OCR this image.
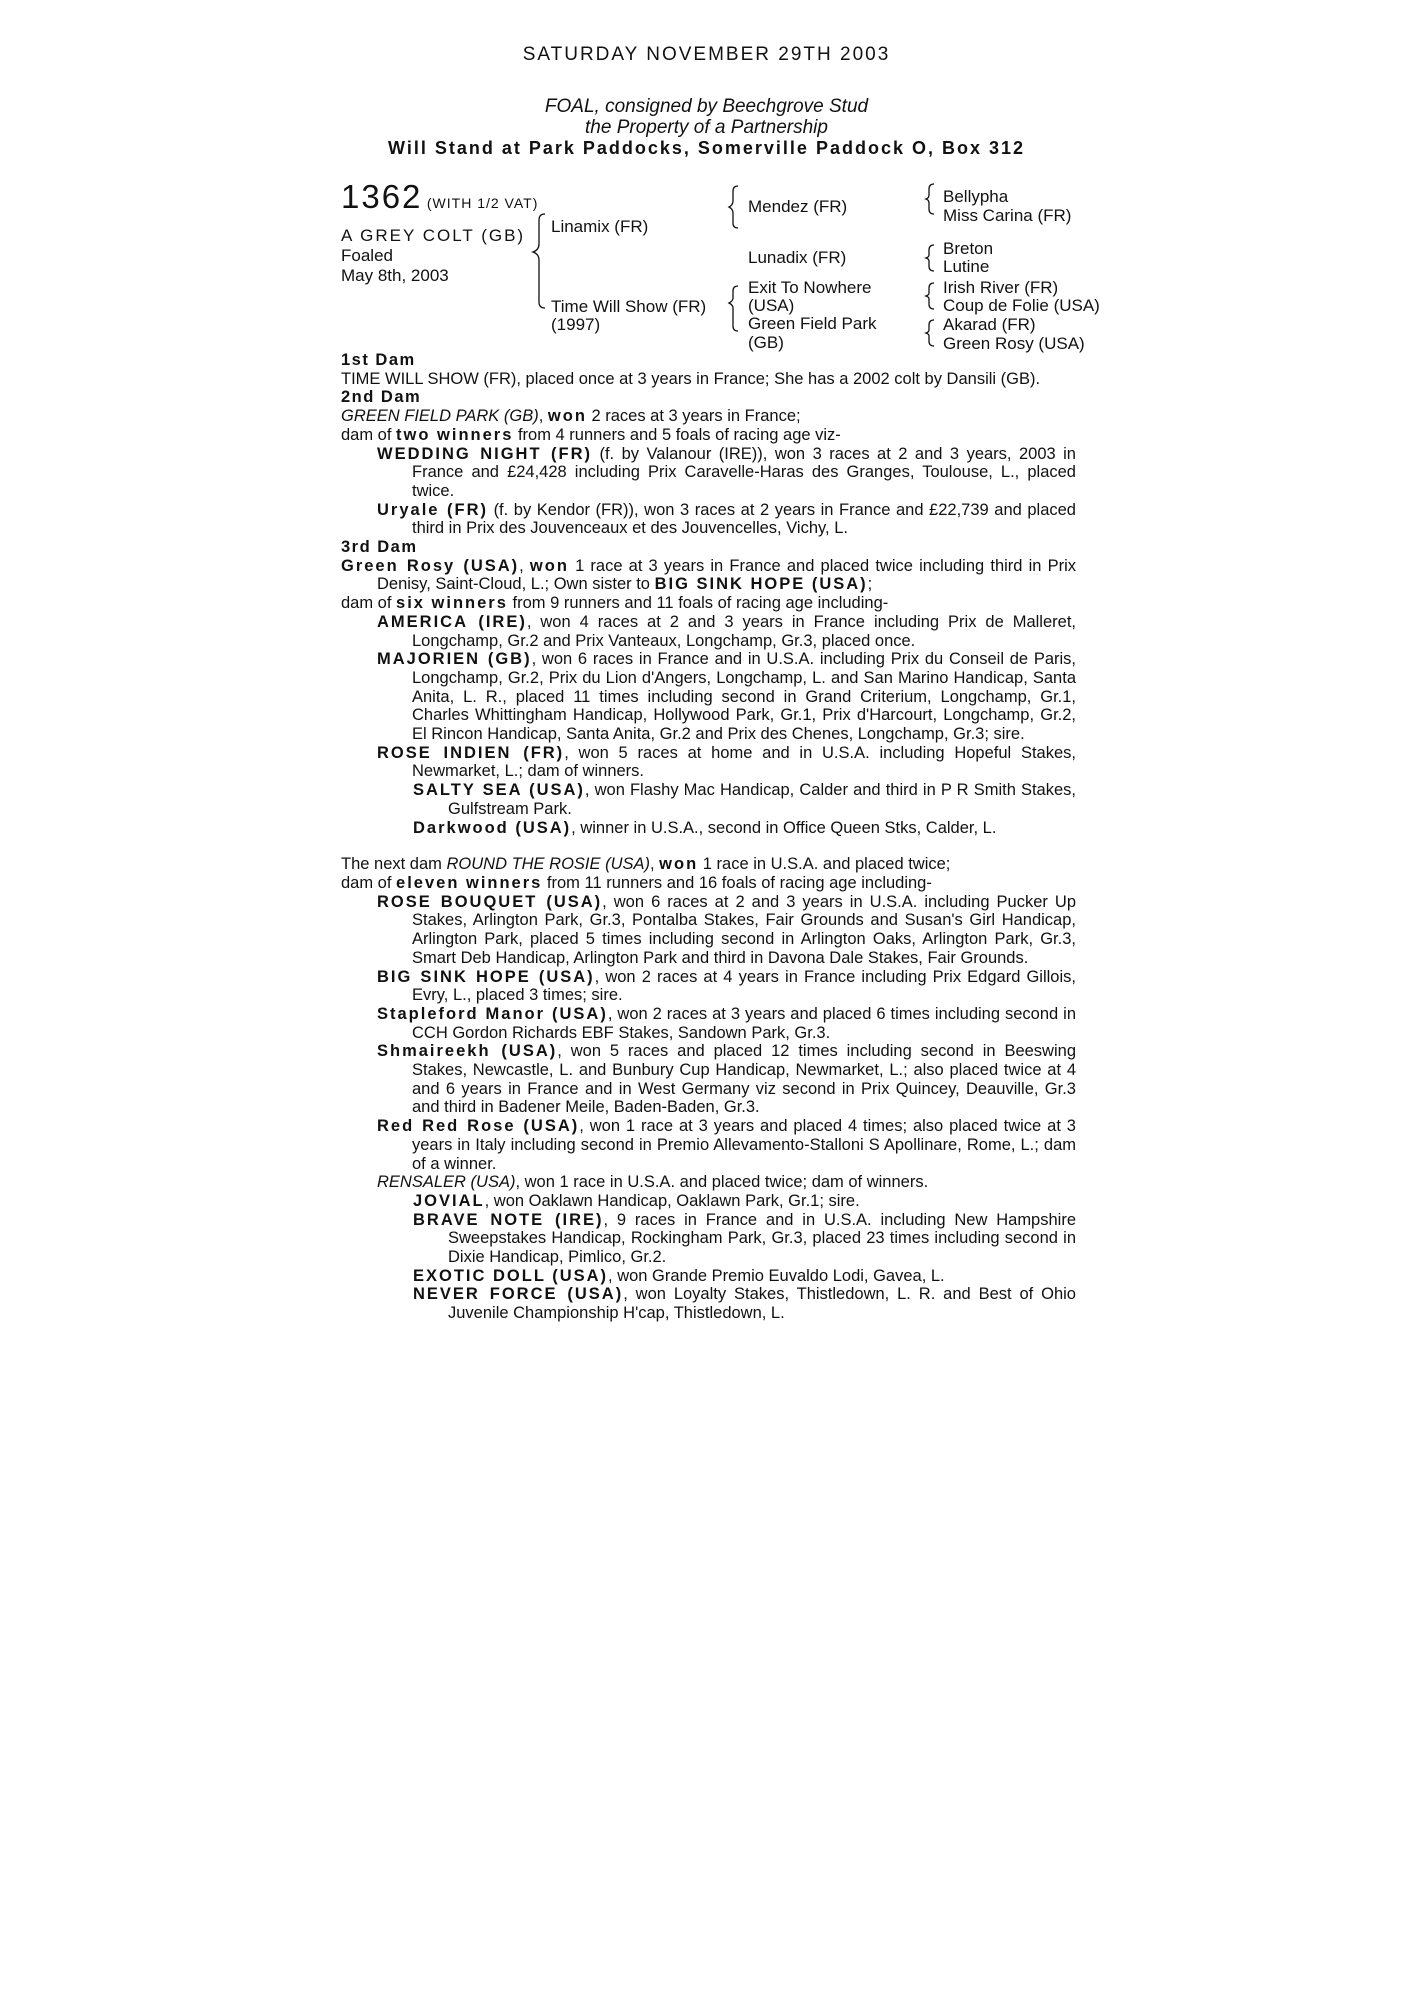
SATURDAY NOVEMBER 29TH 2003
FOAL, consigned by Beechgrove Stud
the Property of a Partnership
Will Stand at Park Paddocks, Somerville Paddock O, Box 312
1362 (WITH 1/2 VAT)
A GREY COLT (GB)
Foaled
May 8th, 2003
Linamix (FR)
Time Will Show (FR)
(1997)
Mendez (FR)
Lunadix (FR)
Exit To Nowhere
(USA)
Green Field Park
(GB)
Bellypha
Miss Carina (FR)
Breton
Lutine
Irish River (FR)
Coup de Folie (USA)
Akarad (FR)
Green Rosy (USA)

1st Dam

TIME WILL SHOW (FR), placed once at 3 years in France; She has a 2002 colt by Dansili (GB).

2nd Dam

GREEN FIELD PARK (GB), won 2 races at 3 years in France;

dam of two winners from 4 runners and 5 foals of racing age viz-

WEDDING NIGHT (FR) (f. by Valanour (IRE)), won 3 races at 2 and 3 years, 2003 in France and £24,428 including Prix Caravelle-Haras des Granges, Toulouse, L., placed twice.

Uryale (FR) (f. by Kendor (FR)), won 3 races at 2 years in France and £22,739 and placed third in Prix des Jouvenceaux et des Jouvencelles, Vichy, L.

3rd Dam

Green Rosy (USA), won 1 race at 3 years in France and placed twice including third in Prix Denisy, Saint-Cloud, L.; Own sister to BIG SINK HOPE (USA);

dam of six winners from 9 runners and 11 foals of racing age including-

AMERICA (IRE), won 4 races at 2 and 3 years in France including Prix de Malleret, Longchamp, Gr.2 and Prix Vanteaux, Longchamp, Gr.3, placed once.

MAJORIEN (GB), won 6 races in France and in U.S.A. including Prix du Conseil de Paris, Longchamp, Gr.2, Prix du Lion d'Angers, Longchamp, L. and San Marino Handicap, Santa Anita, L. R., placed 11 times including second in Grand Criterium, Longchamp, Gr.1, Charles Whittingham Handicap, Hollywood Park, Gr.1, Prix d'Harcourt, Longchamp, Gr.2, El Rincon Handicap, Santa Anita, Gr.2 and Prix des Chenes, Longchamp, Gr.3; sire.

ROSE INDIEN (FR), won 5 races at home and in U.S.A. including Hopeful Stakes, Newmarket, L.; dam of winners.

SALTY SEA (USA), won Flashy Mac Handicap, Calder and third in P R Smith Stakes, Gulfstream Park.

Darkwood (USA), winner in U.S.A., second in Office Queen Stks, Calder, L.

The next dam ROUND THE ROSIE (USA), won 1 race in U.S.A. and placed twice;

dam of eleven winners from 11 runners and 16 foals of racing age including-

ROSE BOUQUET (USA), won 6 races at 2 and 3 years in U.S.A. including Pucker Up Stakes, Arlington Park, Gr.3, Pontalba Stakes, Fair Grounds and Susan's Girl Handicap, Arlington Park, placed 5 times including second in Arlington Oaks, Arlington Park, Gr.3, Smart Deb Handicap, Arlington Park and third in Davona Dale Stakes, Fair Grounds.

BIG SINK HOPE (USA), won 2 races at 4 years in France including Prix Edgard Gillois, Evry, L., placed 3 times; sire.

Stapleford Manor (USA), won 2 races at 3 years and placed 6 times including second in CCH Gordon Richards EBF Stakes, Sandown Park, Gr.3.

Shmaireekh (USA), won 5 races and placed 12 times including second in Beeswing Stakes, Newcastle, L. and Bunbury Cup Handicap, Newmarket, L.; also placed twice at 4 and 6 years in France and in West Germany viz second in Prix Quincey, Deauville, Gr.3 and third in Badener Meile, Baden-Baden, Gr.3.

Red Red Rose (USA), won 1 race at 3 years and placed 4 times; also placed twice at 3 years in Italy including second in Premio Allevamento-Stalloni S Apollinare, Rome, L.; dam of a winner.

RENSALER (USA), won 1 race in U.S.A. and placed twice; dam of winners.

JOVIAL, won Oaklawn Handicap, Oaklawn Park, Gr.1; sire.

BRAVE NOTE (IRE), 9 races in France and in U.S.A. including New Hampshire Sweepstakes Handicap, Rockingham Park, Gr.3, placed 23 times including second in Dixie Handicap, Pimlico, Gr.2.

EXOTIC DOLL (USA), won Grande Premio Euvaldo Lodi, Gavea, L.

NEVER FORCE (USA), won Loyalty Stakes, Thistledown, L. R. and Best of Ohio Juvenile Championship H'cap, Thistledown, L.
